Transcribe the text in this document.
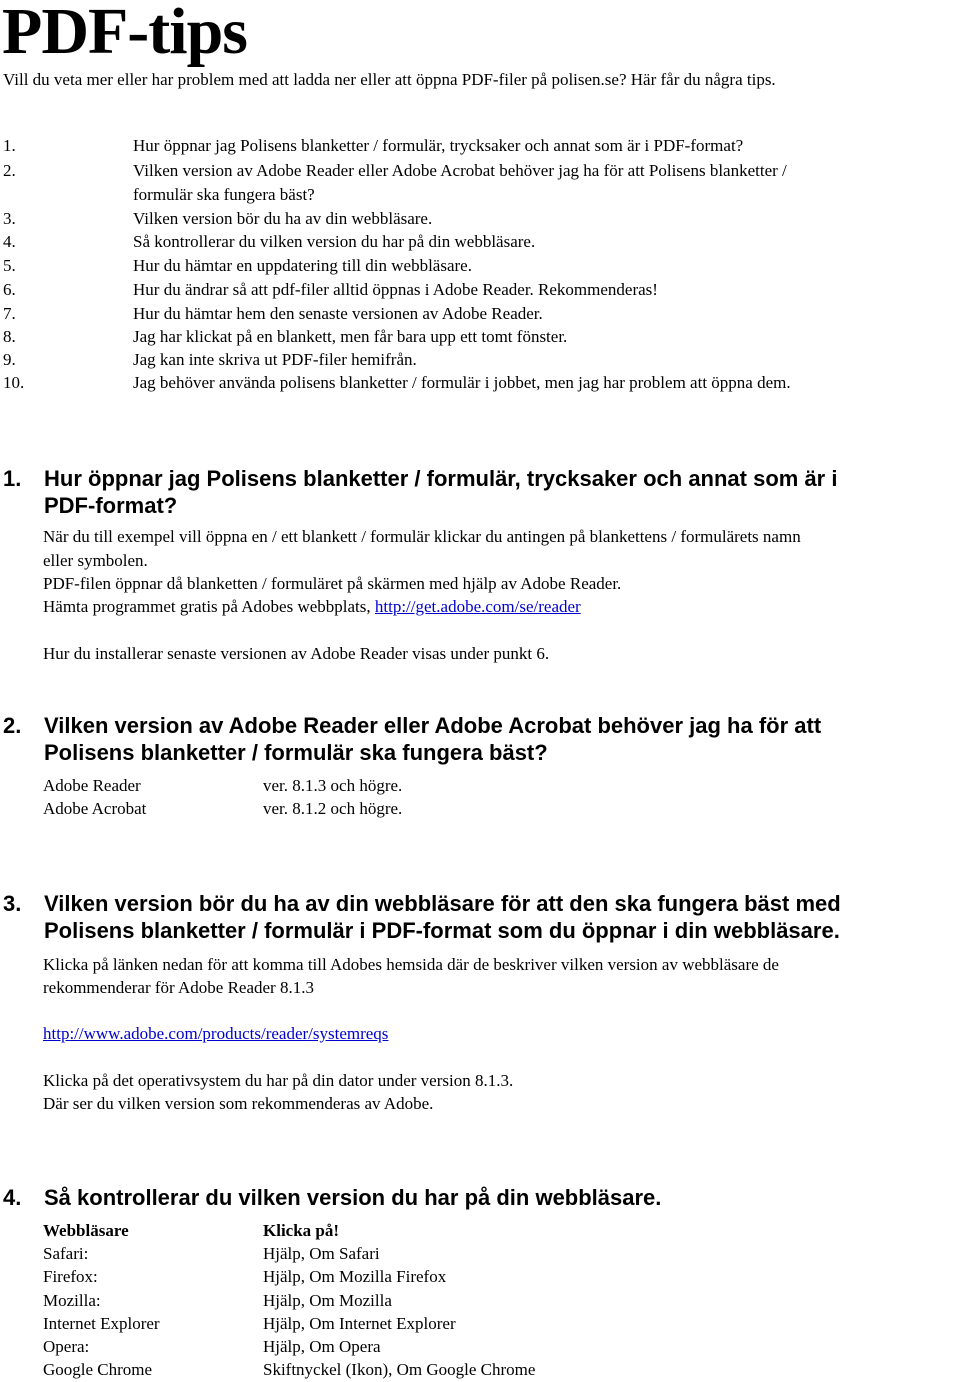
PDF-tips
Vill du veta mer eller har problem med att ladda ner eller att öppna PDF-filer på polisen.se? Här får du några tips.
1.	Hur öppnar jag Polisens blanketter / formulär, trycksaker och annat som är i PDF-format?
2.	Vilken version av Adobe Reader eller Adobe Acrobat behöver jag ha för att Polisens blanketter /
formulär ska fungera bäst?
3.	Vilken version bör du ha av din webbläsare.
4.	Så kontrollerar du vilken version du har på din webbläsare.
5.	Hur du hämtar en uppdatering till din webbläsare.
6.	Hur du ändrar så att pdf-filer alltid öppnas i Adobe Reader. Rekommenderas!
7.	Hur du hämtar hem den senaste versionen av Adobe Reader.
8.	Jag har klickat på en blankett, men får bara upp ett tomt fönster.
9.	Jag kan inte skriva ut PDF-filer hemifrån.
10.	Jag behöver använda polisens blanketter / formulär i jobbet, men jag har problem att öppna dem.
1. Hur öppnar jag Polisens blanketter / formulär, trycksaker och annat som är i
PDF-format?
När du till exempel vill öppna en / ett blankett / formulär klickar du antingen på blankettens / formulärets namn
eller symbolen.
PDF-filen öppnar då blanketten / formuläret på skärmen med hjälp av Adobe Reader.
Hämta programmet gratis på Adobes webbplats, http://get.adobe.com/se/reader
Hur du installerar senaste versionen av Adobe Reader visas under punkt 6.
2. Vilken version av Adobe Reader eller Adobe Acrobat behöver jag ha för att
Polisens blanketter / formulär ska fungera bäst?
Adobe Reader	ver. 8.1.3 och högre.
Adobe Acrobat	ver. 8.1.2 och högre.
3. Vilken version bör du ha av din webbläsare för att den ska fungera bäst med
Polisens blanketter / formulär i PDF-format som du öppnar i din webbläsare.
Klicka på länken nedan för att komma till Adobes hemsida där de beskriver vilken version av webbläsare de
rekommenderar för Adobe Reader 8.1.3
http://www.adobe.com/products/reader/systemreqs
Klicka på det operativsystem du har på din dator under version 8.1.3.
Där ser du vilken version som rekommenderas av Adobe.
4. Så kontrollerar du vilken version du har på din webbläsare.
Webbläsare	Klicka på!
Safari:	Hjälp, Om Safari
Firefox:	Hjälp, Om Mozilla Firefox
Mozilla:	Hjälp, Om Mozilla
Internet Explorer	Hjälp, Om Internet Explorer
Opera:	Hjälp, Om Opera
Google Chrome	Skiftnyckel (Ikon), Om Google Chrome
